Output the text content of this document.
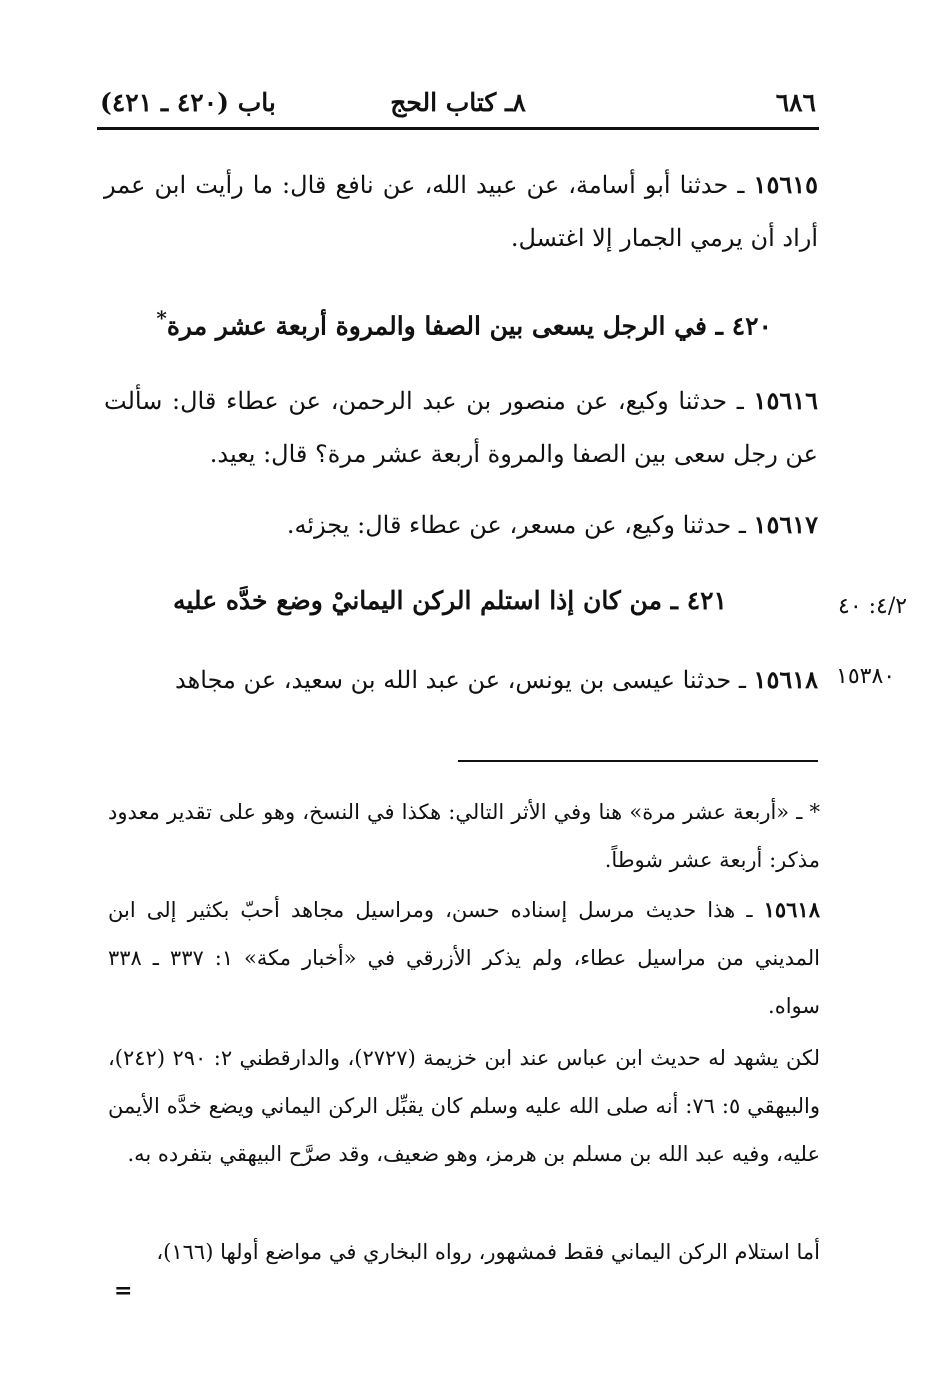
٦٨٦
٨ـ كتاب الحج
باب (٤٢٠ ـ ٤٢١)
١٥٦١٥ ـ حدثنا أبو أسامة، عن عبيد الله، عن نافع قال: ما رأيت ابن عمر أراد أن يرمي الجمار إلا اغتسل.
٤٢٠ ـ في الرجل يسعى بين الصفا والمروة أربعة عشر مرة*
١٥٦١٦ ـ حدثنا وكيع، عن منصور بن عبد الرحمن، عن عطاء قال: سألت عن رجل سعى بين الصفا والمروة أربعة عشر مرة؟ قال: يعيد.
١٥٦١٧ ـ حدثنا وكيع، عن مسعر، عن عطاء قال: يجزئه.
٤٢١ ـ من كان إذا استلم الركن اليمانيْ وضع خدَّه عليه	٤/٢: ٤٠
١٥٦١٨ ـ حدثنا عيسى بن يونس، عن عبد الله بن سعيد، عن مجاهد	١٥٣٨٠
* ـ «أربعة عشر مرة» هنا وفي الأثر التالي: هكذا في النسخ، وهو على تقدير معدود مذكر: أربعة عشر شوطاً.
١٥٦١٨ ـ هذا حديث مرسل إسناده حسن، ومراسيل مجاهد أحبّ بكثير إلى ابن المديني من مراسيل عطاء، ولم يذكر الأزرقي في «أخبار مكة» ١: ٣٣٧ ـ ٣٣٨ سواه.
لكن يشهد له حديث ابن عباس عند ابن خزيمة (٢٧٢٧)، والدارقطني ٢: ٢٩٠ (٢٤٢)، والبيهقي ٥: ٧٦: أنه صلى الله عليه وسلم كان يقبِّل الركن اليماني ويضع خدَّه الأيمن عليه، وفيه عبد الله بن مسلم بن هرمز، وهو ضعيف، وقد صرَّح البيهقي بتفرده به.
أما استلام الركن اليماني فقط فمشهور، رواه البخاري في مواضع أولها (١٦٦)،
=
